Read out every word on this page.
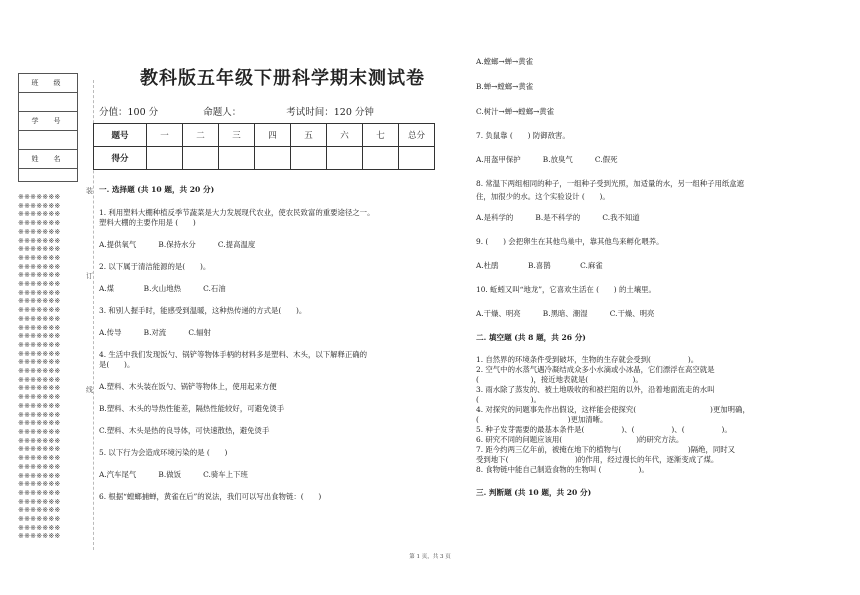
班　级
学　号
姓　名
※※※※※※※
※※※※※※※
※※※※※※※
※※※※※※※
※※※※※※※
※※※※※※※
※※※※※※※
※※※※※※※
※※※※※※※
※※※※※※※
※※※※※※※
※※※※※※※
※※※※※※※
※※※※※※※
※※※※※※※
※※※※※※※
※※※※※※※
※※※※※※※
※※※※※※※
※※※※※※※
※※※※※※※
※※※※※※※
※※※※※※※
※※※※※※※
※※※※※※※
※※※※※※※
※※※※※※※
※※※※※※※
※※※※※※※
※※※※※※※
※※※※※※※
※※※※※※※
※※※※※※※
※※※※※※※
※※※※※※※
※※※※※※※
※※※※※※※
※※※※※※※
※※※※※※※
※※※※※※※
装
订
线
教科版五年级下册科学期末测试卷
分值：100 分	命题人：	考试时间：120 分钟
题号	一	二	三	四	五	六	七	总分
得分								

一. 选择题 (共 10 题，共 20 分)

1. 利用塑料大棚种植反季节蔬菜是大力发展现代农业，使农民致富的重要途径之一。

塑料大棚的主要作用是 (　　)

A.提供氧气　　　B.保持水分　　　C.提高温度

2. 以下属于清洁能源的是(　　)。

A.煤　　　　B.火山地热　　　C.石油

3. 和别人握手时，能感受到温暖，这种热传递的方式是(　　)。

A.传导　　　B.对流　　　C.辐射

4. 生活中我们发现饭勺、锅铲等物体手柄的材料多是塑料、木头，以下解释正确的

是(　　)。

A.塑料、木头装在饭勺、锅铲等物体上，使用起来方便

B.塑料、木头的导热性能差，隔热性能较好，可避免烫手

C.塑料、木头是热的良导体，可快速散热，避免烫手

5. 以下行为会造成环境污染的是 (　　)

A.汽车尾气　　　B.做饭　　　C.骑车上下班

6. 根据“螳螂捕蝉，黄雀在后”的说法，我们可以写出食物链：(　　)

A.螳螂→蝉→黄雀

B.蝉→螳螂→黄雀

C.树汁→蝉→螳螂→黄雀

7. 负鼠靠 (　　) 防御敌害。

A.用盔甲保护　　　B.放臭气　　　C.假死

8. 常温下两组相同的种子，一组种子受到光照，加适量的水，另一组种子用纸盒遮

住，加很少的水。这个实验设计 (　　)。

A.是科学的　　　B.是不科学的　　　C.我不知道

9. (　　) 会把卵生在其他鸟巢中，靠其他鸟来孵化喂养。

A.杜鹃　　　　B.喜鹊　　　　C.麻雀

10. 蚯蚓又叫“地龙”，它喜欢生活在 (　　) 的土壤里。

A.干燥、明亮　　　B.黑暗、潮湿　　　C.干燥、明亮

二. 填空题 (共 8 题，共 26 分)

1. 自然界的环境条件受到破坏，生物的生存就会受到(　　　　　)。

2. 空气中的水蒸气遇冷凝结成众多小水滴或小冰晶，它们漂浮在高空就是

(　　　　　　　)，接近地表就是(　　　　　　)。

3. 雨水除了蒸发的、被土地吸收的和被拦阻的以外，沿着地面流走的水叫

(　　　　　　　)。

4. 对探究的问题事先作出假设，这样能会使探究(　　　　　　　　　　)更加明确，

(　　　　　　　　　　　　)更加清晰。

5. 种子发芽需要的最基本条件是(　　　　　)、(　　　　　)、(　　　　　)。

6. 研究不同的问题应该用(　　　　　　　　　　)的研究方法。

7. 距今约两三亿年前，被掩在地下的植物与(　　　　　　　　　)隔绝，同时又

受到地下(　　　　　　　　　)的作用，经过漫长的年代，逐渐变成了煤。

8. 食物链中能自己制造食物的生物叫 (　　　　　)。

三. 判断题 (共 10 题，共 20 分)

第 1 页，共 3 页
